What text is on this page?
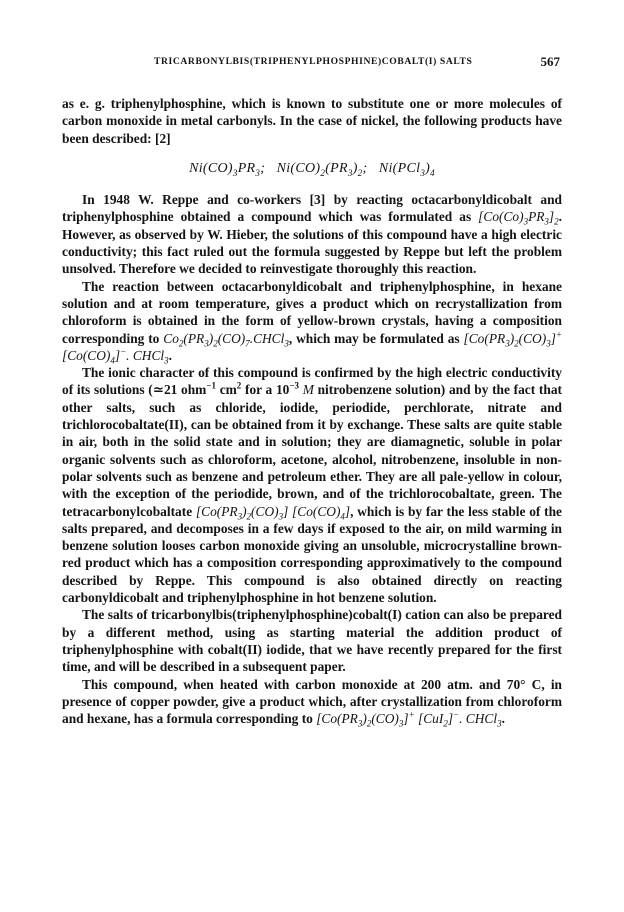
TRICARBONYLBIS(TRIPHENYLPHOSPHINE)COBALT(I) SALTS	567

as e. g. triphenylphosphine, which is known to substitute one or more molecules of carbon monoxide in metal carbonyls. In the case of nickel, the following products have been described: [2]

$Ni(CO)_3PR_3$; $Ni(CO)_2(PR_3)_2$; $Ni(PCl_3)_4$

In 1948 W. Reppe and co-workers [3] by reacting octacarbonyldicobalt and triphenylphosphine obtained a compound which was formulated as $[Co(Co)_3PR_3]_2$. However, as observed by W. Hieber, the solutions of this compound have a high electric conductivity; this fact ruled out the formula suggested by Reppe but left the problem unsolved. Therefore we decided to reinvestigate thoroughly this reaction.

The reaction between octacarbonyldicobalt and triphenylphosphine, in hexane solution and at room temperature, gives a product which on recrystallization from chloroform is obtained in the form of yellow-brown crystals, having a composition corresponding to $Co_2(PR_3)_2(CO)_7.CHCl_3$, which may be formulated as $[Co(PR_3)_2(CO)_3]^+$ $[Co(CO)_4]^-$. CHCl$_3$.

The ionic character of this compound is confirmed by the high electric conductivity of its solutions (≃21 ohm$^{-1}$ $cm^2$ for a $10^{-3}$ M nitrobenzene solution) and by the fact that other salts, such as chloride, iodide, periodide, perchlorate, nitrate and trichlorocobaltate(II), can be obtained from it by exchange. These salts are quite stable in air, both in the solid state and in solution; they are diamagnetic, soluble in polar organic solvents such as chloroform, acetone, alcohol, nitrobenzene, insoluble in non-polar solvents such as benzene and petroleum ether. They are all pale-yellow in colour, with the exception of the periodide, brown, and of the trichlorocobaltate, green. The tetracarbonylcobaltate $[Co(PR_3)_2(CO)_3]$ $[Co(CO)_4]$, which is by far the less stable of the salts prepared, and decomposes in a few days if exposed to the air, on mild warming in benzene solution looses carbon monoxide giving an unsoluble, microcrystalline brown-red product which has a composition corresponding approximatively to the compound described by Reppe. This compound is also obtained directly on reacting carbonyldicobalt and triphenylphosphine in hot benzene solution.

The salts of tricarbonylbis(triphenylphosphine)cobalt(I) cation can also be prepared by a different method, using as starting material the addition product of triphenylphosphine with cobalt(II) iodide, that we have recently prepared for the first time, and will be described in a subsequent paper.

This compound, when heated with carbon monoxide at 200 atm. and 70° C, in presence of copper powder, give a product which, after crystallization from chloroform and hexane, has a formula corresponding to $[Co(PR_3)_2(CO)_3]^+$ [CuI$_2$]−. CHCl$_3$.
